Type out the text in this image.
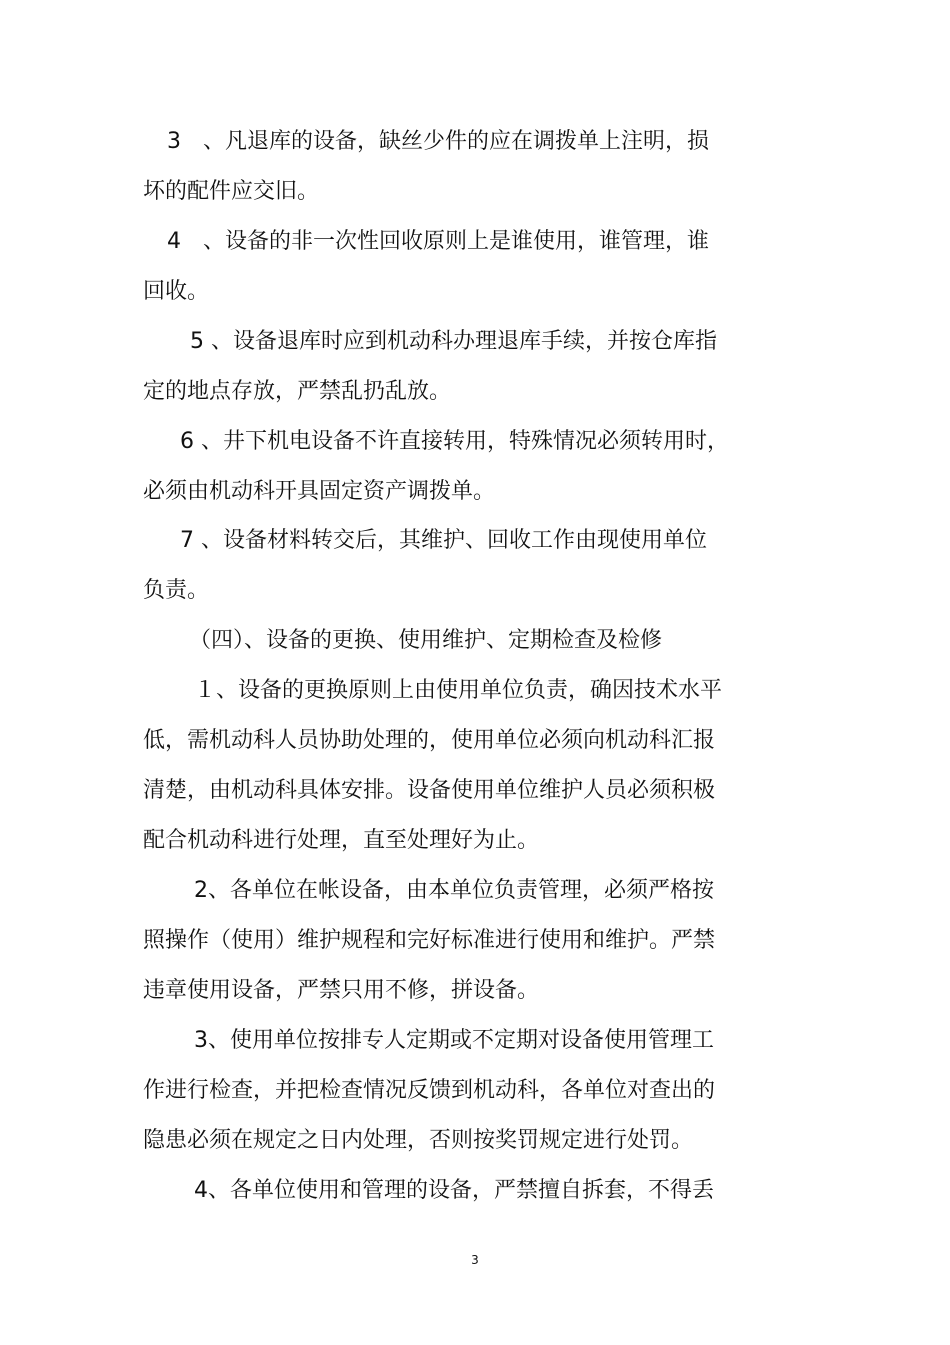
3　、凡退库的设备，缺丝少件的应在调拨单上注明，损
坏的配件应交旧。
4　、设备的非一次性回收原则上是谁使用，谁管理，谁
回收。
5 、设备退库时应到机动科办理退库手续，并按仓库指
定的地点存放，严禁乱扔乱放。
6 、井下机电设备不许直接转用，特殊情况必须转用时，
必须由机动科开具固定资产调拨单。
7 、设备材料转交后，其维护、回收工作由现使用单位
负责。
（四）、设备的更换、使用维护、定期检查及检修
１、设备的更换原则上由使用单位负责，确因技术水平
低，需机动科人员协助处理的，使用单位必须向机动科汇报
清楚，由机动科具体安排。设备使用单位维护人员必须积极
配合机动科进行处理，直至处理好为止。
2、各单位在帐设备，由本单位负责管理，必须严格按
照操作（使用）维护规程和完好标准进行使用和维护。严禁
违章使用设备，严禁只用不修，拼设备。
3、使用单位按排专人定期或不定期对设备使用管理工
作进行检查，并把检查情况反馈到机动科，各单位对查出的
隐患必须在规定之日内处理，否则按奖罚规定进行处罚。
4、各单位使用和管理的设备，严禁擅自拆套，不得丢
3
